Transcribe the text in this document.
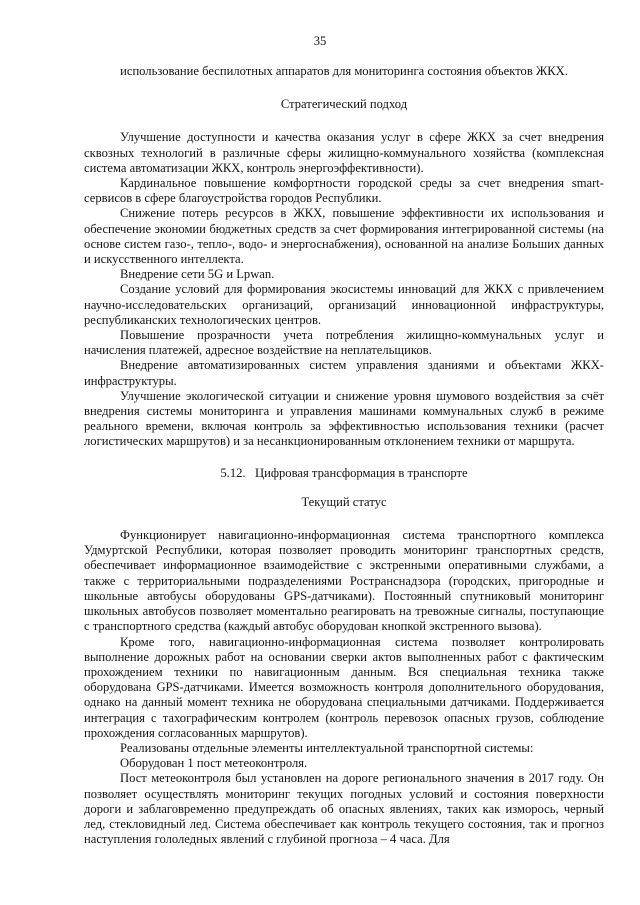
35

использование беспилотных аппаратов для мониторинга состояния объектов ЖКХ.

Стратегический подход

Улучшение доступности и качества оказания услуг в сфере ЖКХ за счет внедрения сквозных технологий в различные сферы жилищно-коммунального хозяйства (комплексная система автоматизации ЖКХ, контроль энергоэффективности).

Кардинальное повышение комфортности городской среды за счет внедрения smart-сервисов в сфере благоустройства городов Республики.

Снижение потерь ресурсов в ЖКХ, повышение эффективности их использования и обеспечение экономии бюджетных средств за счет формирования интегрированной системы (на основе систем газо-, тепло-, водо- и энергоснабжения), основанной на анализе Больших данных и искусственного интеллекта.

Внедрение сети 5G и Lpwan.

Создание условий для формирования экосистемы инноваций для ЖКХ с привлечением научно-исследовательских организаций, организаций инновационной инфраструктуры, республиканских технологических центров.

Повышение прозрачности учета потребления жилищно-коммунальных услуг и начисления платежей, адресное воздействие на неплательщиков.

Внедрение автоматизированных систем управления зданиями и объектами ЖКХ-инфраструктуры.

Улучшение экологической ситуации и снижение уровня шумового воздействия за счёт внедрения системы мониторинга и управления машинами коммунальных служб в режиме реального времени, включая контроль за эффективностью использования техники (расчет логистических маршрутов) и за несанкционированным отклонением техники от маршрута.

5.12.   Цифровая трансформация в транспорте

Текущий статус

Функционирует навигационно-информационная система транспортного комплекса Удмуртской Республики, которая позволяет проводить мониторинг транспортных средств, обеспечивает информационное взаимодействие с экстренными оперативными службами, а также с территориальными подразделениями Ространснадзора (городских, пригородные и школьные автобусы оборудованы GPS-датчиками). Постоянный спутниковый мониторинг школьных автобусов позволяет моментально реагировать на тревожные сигналы, поступающие с транспортного средства (каждый автобус оборудован кнопкой экстренного вызова).

Кроме того, навигационно-информационная система позволяет контролировать выполнение дорожных работ на основании сверки актов выполненных работ с фактическим прохождением техники по навигационным данным. Вся специальная техника также оборудована GPS-датчиками. Имеется возможность контроля дополнительного оборудования, однако на данный момент техника не оборудована специальными датчиками. Поддерживается интеграция с тахографическим контролем (контроль перевозок опасных грузов, соблюдение прохождения согласованных маршрутов).

Реализованы отдельные элементы интеллектуальной транспортной системы:

Оборудован 1 пост метеоконтроля.

Пост метеоконтроля был установлен на дороге регионального значения в 2017 году. Он позволяет осуществлять мониторинг текущих погодных условий и состояния поверхности дороги и заблаговременно предупреждать об опасных явлениях, таких как изморось, черный лед, стекловидный лед. Система обеспечивает как контроль текущего состояния, так и прогноз наступления гололедных явлений с глубиной прогноза – 4 часа. Для
